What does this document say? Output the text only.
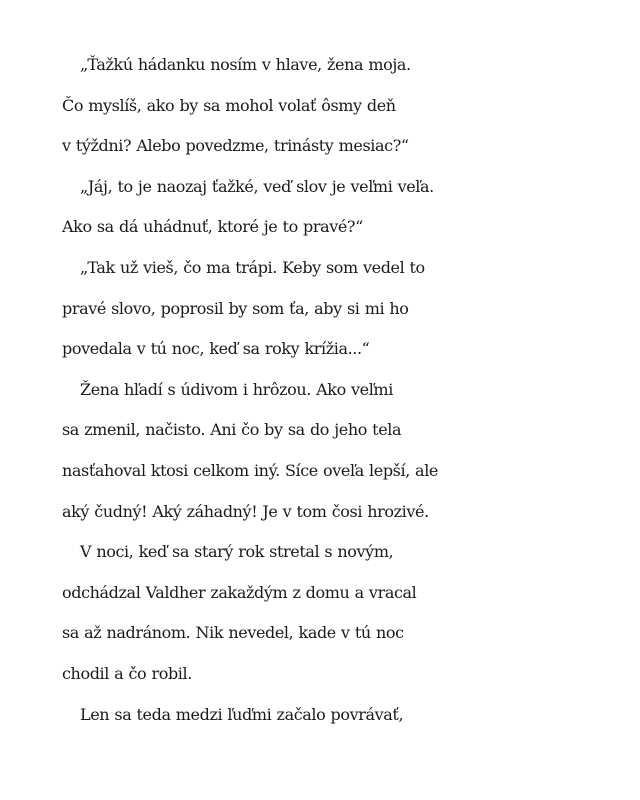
„Ťažkú hádanku nosím v hlave, žena moja.
Čo myslíš, ako by sa mohol volať ôsmy deň
v týždni? Alebo povedzme, trinásty mesiac?“
„Jáj, to je naozaj ťažké, veď slov je veľmi veľa.
Ako sa dá uhádnuť, ktoré je to pravé?“
„Tak už vieš, čo ma trápi. Keby som vedel to
pravé slovo, poprosil by som ťa, aby si mi ho
povedala v tú noc, keď sa roky krížia...“
Žena hľadí s údivom i hrôzou. Ako veľmi
sa zmenil, načisto. Ani čo by sa do jeho tela
nasťahoval ktosi celkom iný. Síce oveľa lepší, ale
aký čudný! Aký záhadný! Je v tom čosi hrozivé.
V noci, keď sa starý rok stretal s novým,
odchádzal Valdher zakaždým z domu a vracal
sa až nadránom. Nik nevedel, kade v tú noc
chodil a čo robil.
Len sa teda medzi ľuďmi začalo povrávať,
